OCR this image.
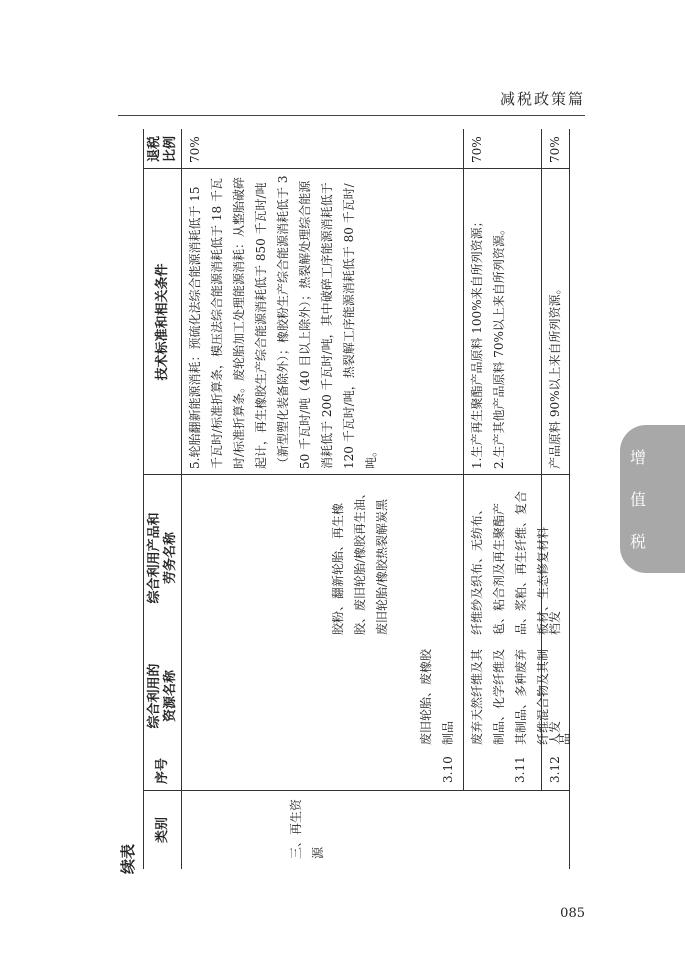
减税政策篇
增
值
税
085
续表
类别
序号
综合利用的
资源名称
综合利用产品和
劳务名称
技术标准和相关条件
退税
比例
三、再生资源
3.10
废旧轮胎、废橡胶制品
胶粉、翻新轮胎、再生橡胶、废旧轮胎/橡胶再生油、废旧轮胎/橡胶热裂解炭黑
5.轮胎翻新能源消耗：预硫化法综合能源消耗低于 15 千瓦时/标准折算条，模压法综合能源消耗低于 18 千瓦时/标准折算条。废轮胎加工处理能源消耗：从整胎破碎起计，再生橡胶生产综合能源消耗低于 850 千瓦时/吨（新型塑化装备除外）；橡胶粉生产综合能源消耗低于 350 千瓦时/吨（40 目以上除外）；热裂解处理综合能源消耗低于 200 千瓦时/吨，其中破碎工序能源消耗低于 120 千瓦时/吨，热裂解工序能源消耗低于 80 千瓦时/吨。
70%
3.11
废弃天然纤维及其制品、化学纤维及其制品、多种废弃纤维混合物及其制品
纤维纱及织布、无纺布、毡、粘合剂及再生聚酯产品、浆粕、再生纤维、复合板材、生态修复材料
1.生产再生聚酯产品原料 100%来自所列资源；
2.生产其他产品原料 70%以上来自所列资源。
70%
3.12
人发
档发
产品原料 90%以上来自所列资源。
70%
